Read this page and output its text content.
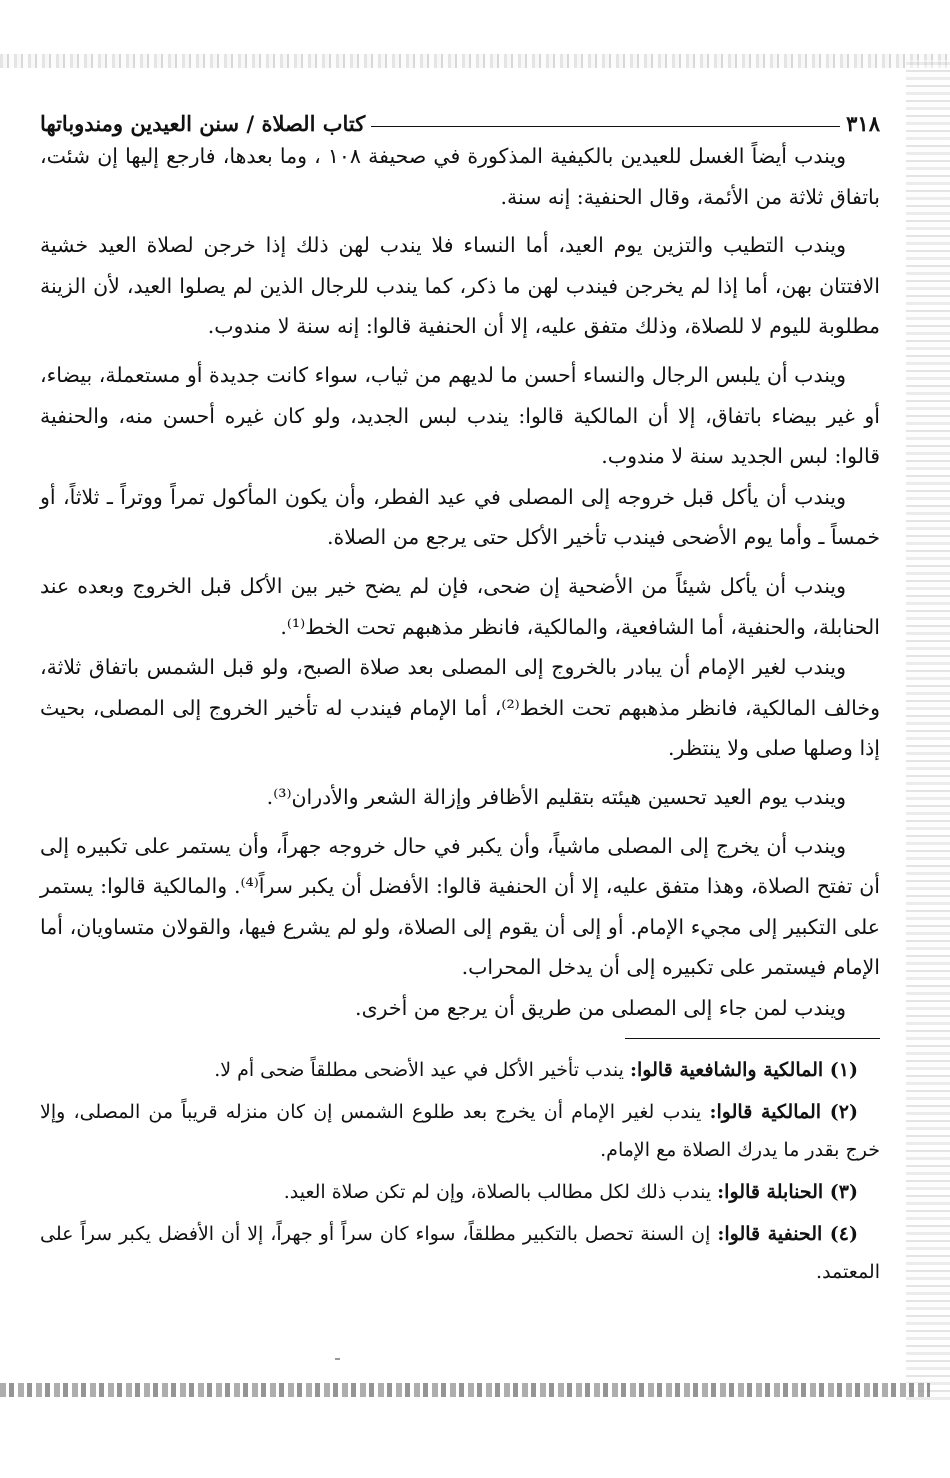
٣١٨
كتاب الصلاة / سنن العيدين ومندوباتها

ويندب أيضاً الغسل للعيدين بالكيفية المذكورة في صحيفة ١٠٨ ، وما بعدها، فارجع إليها إن شئت، باتفاق ثلاثة من الأئمة، وقال الحنفية: إنه سنة.

ويندب التطيب والتزين يوم العيد، أما النساء فلا يندب لهن ذلك إذا خرجن لصلاة العيد خشية الافتتان بهن، أما إذا لم يخرجن فيندب لهن ما ذكر، كما يندب للرجال الذين لم يصلوا العيد، لأن الزينة مطلوبة لليوم لا للصلاة، وذلك متفق عليه، إلا أن الحنفية قالوا: إنه سنة لا مندوب.

ويندب أن يلبس الرجال والنساء أحسن ما لديهم من ثياب، سواء كانت جديدة أو مستعملة، بيضاء، أو غير بيضاء باتفاق، إلا أن المالكية قالوا: يندب لبس الجديد، ولو كان غيره أحسن منه، والحنفية قالوا: لبس الجديد سنة لا مندوب.

ويندب أن يأكل قبل خروجه إلى المصلى في عيد الفطر، وأن يكون المأكول تمراً ووتراً ـ ثلاثاً، أو خمساً ـ وأما يوم الأضحى فيندب تأخير الأكل حتى يرجع من الصلاة.

ويندب أن يأكل شيئاً من الأضحية إن ضحى، فإن لم يضح خير بين الأكل قبل الخروج وبعده عند الحنابلة، والحنفية، أما الشافعية، والمالكية، فانظر مذهبهم تحت الخط⁽¹⁾.

ويندب لغير الإمام أن يبادر بالخروج إلى المصلى بعد صلاة الصبح، ولو قبل الشمس باتفاق ثلاثة، وخالف المالكية، فانظر مذهبهم تحت الخط⁽²⁾، أما الإمام فيندب له تأخير الخروج إلى المصلى، بحيث إذا وصلها صلى ولا ينتظر.

ويندب يوم العيد تحسين هيئته بتقليم الأظافر وإزالة الشعر والأدران⁽³⁾.

ويندب أن يخرج إلى المصلى ماشياً، وأن يكبر في حال خروجه جهراً، وأن يستمر على تكبيره إلى أن تفتح الصلاة، وهذا متفق عليه، إلا أن الحنفية قالوا: الأفضل أن يكبر سراً⁽⁴⁾. والمالكية قالوا: يستمر على التكبير إلى مجيء الإمام. أو إلى أن يقوم إلى الصلاة، ولو لم يشرع فيها، والقولان متساويان، أما الإمام فيستمر على تكبيره إلى أن يدخل المحراب.

ويندب لمن جاء إلى المصلى من طريق أن يرجع من أخرى.

(١) المالكية والشافعية قالوا: يندب تأخير الأكل في عيد الأضحى مطلقاً ضحى أم لا.

(٢) المالكية قالوا: يندب لغير الإمام أن يخرج بعد طلوع الشمس إن كان منزله قريباً من المصلى، وإلا خرج بقدر ما يدرك الصلاة مع الإمام.

(٣) الحنابلة قالوا: يندب ذلك لكل مطالب بالصلاة، وإن لم تكن صلاة العيد.

(٤) الحنفية قالوا: إن السنة تحصل بالتكبير مطلقاً، سواء كان سراً أو جهراً، إلا أن الأفضل يكبر سراً على المعتمد.
